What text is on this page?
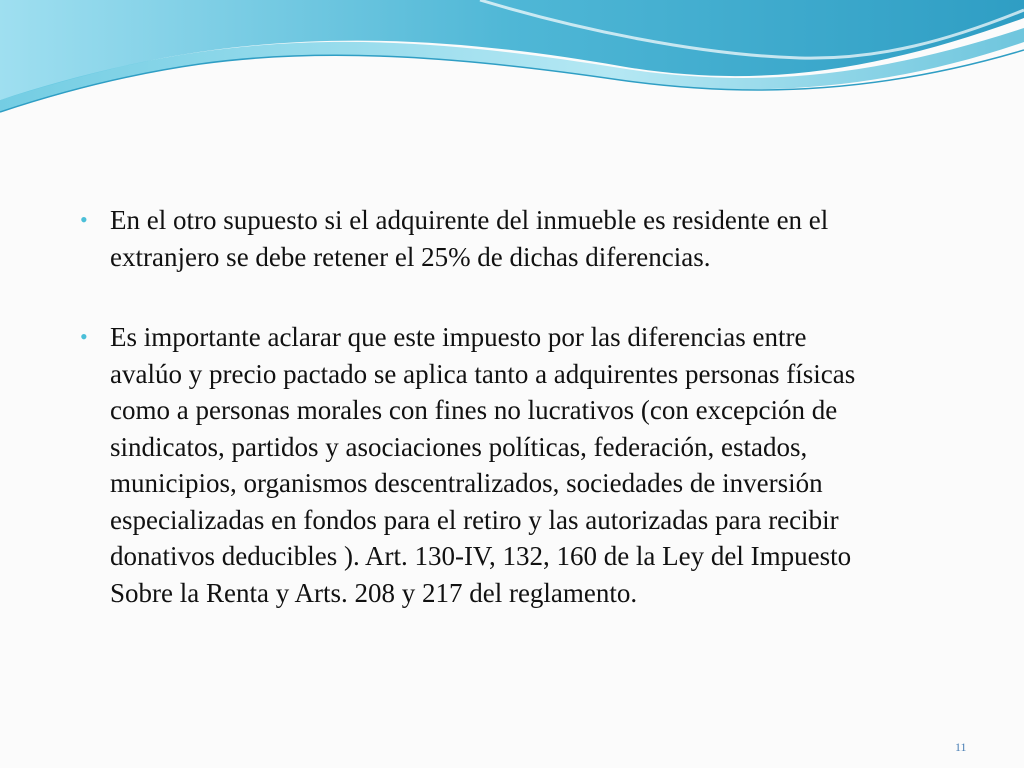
• En el otro supuesto si el adquirente del inmueble es residente en el
extranjero se debe retener el 25% de dichas diferencias.
• Es importante aclarar que este impuesto por las diferencias entre
avalúo y precio pactado se aplica tanto a adquirentes personas físicas
como a personas morales con fines no lucrativos (con excepción de
sindicatos, partidos y asociaciones políticas, federación, estados,
municipios, organismos descentralizados, sociedades de inversión
especializadas en fondos para el retiro y las autorizadas para recibir
donativos deducibles ). Art. 130-IV, 132, 160 de la Ley del Impuesto
Sobre la Renta y Arts. 208 y 217 del reglamento.
11
